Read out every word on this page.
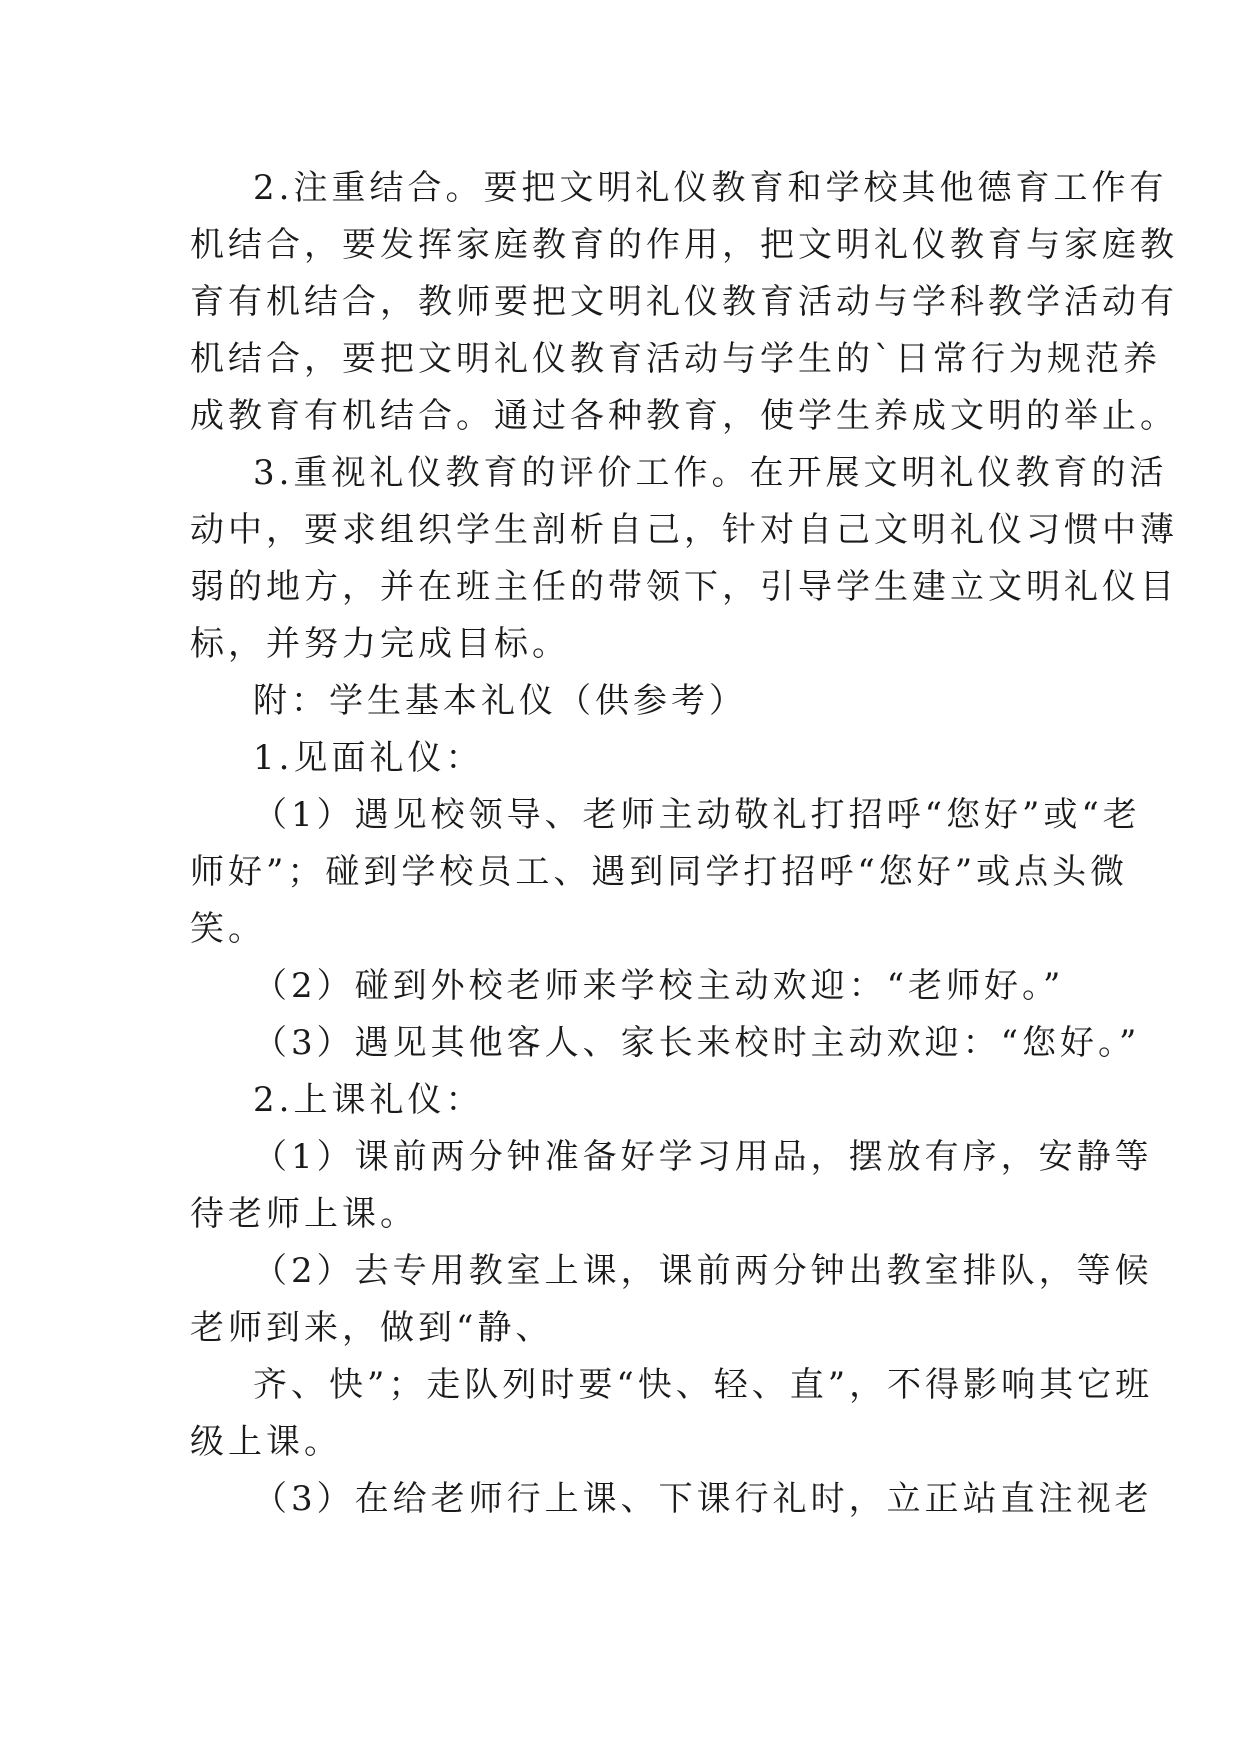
2.注重结合。要把文明礼仪教育和学校其他德育工作有
机结合，要发挥家庭教育的作用，把文明礼仪教育与家庭教
育有机结合，教师要把文明礼仪教育活动与学科教学活动有
机结合，要把文明礼仪教育活动与学生的`日常行为规范养
成教育有机结合。通过各种教育，使学生养成文明的举止。
3.重视礼仪教育的评价工作。在开展文明礼仪教育的活
动中，要求组织学生剖析自己，针对自己文明礼仪习惯中薄
弱的地方，并在班主任的带领下，引导学生建立文明礼仪目
标，并努力完成目标。
附：学生基本礼仪（供参考）
1.见面礼仪：
（1）遇见校领导、老师主动敬礼打招呼“您好”或“老
师好”；碰到学校员工、遇到同学打招呼“您好”或点头微
笑。
（2）碰到外校老师来学校主动欢迎：“老师好。”
（3）遇见其他客人、家长来校时主动欢迎：“您好。”
2.上课礼仪：
（1）课前两分钟准备好学习用品，摆放有序，安静等
待老师上课。
（2）去专用教室上课，课前两分钟出教室排队，等候
老师到来，做到“静、
齐、快”；走队列时要“快、轻、直”，不得影响其它班
级上课。
（3）在给老师行上课、下课行礼时，立正站直注视老
